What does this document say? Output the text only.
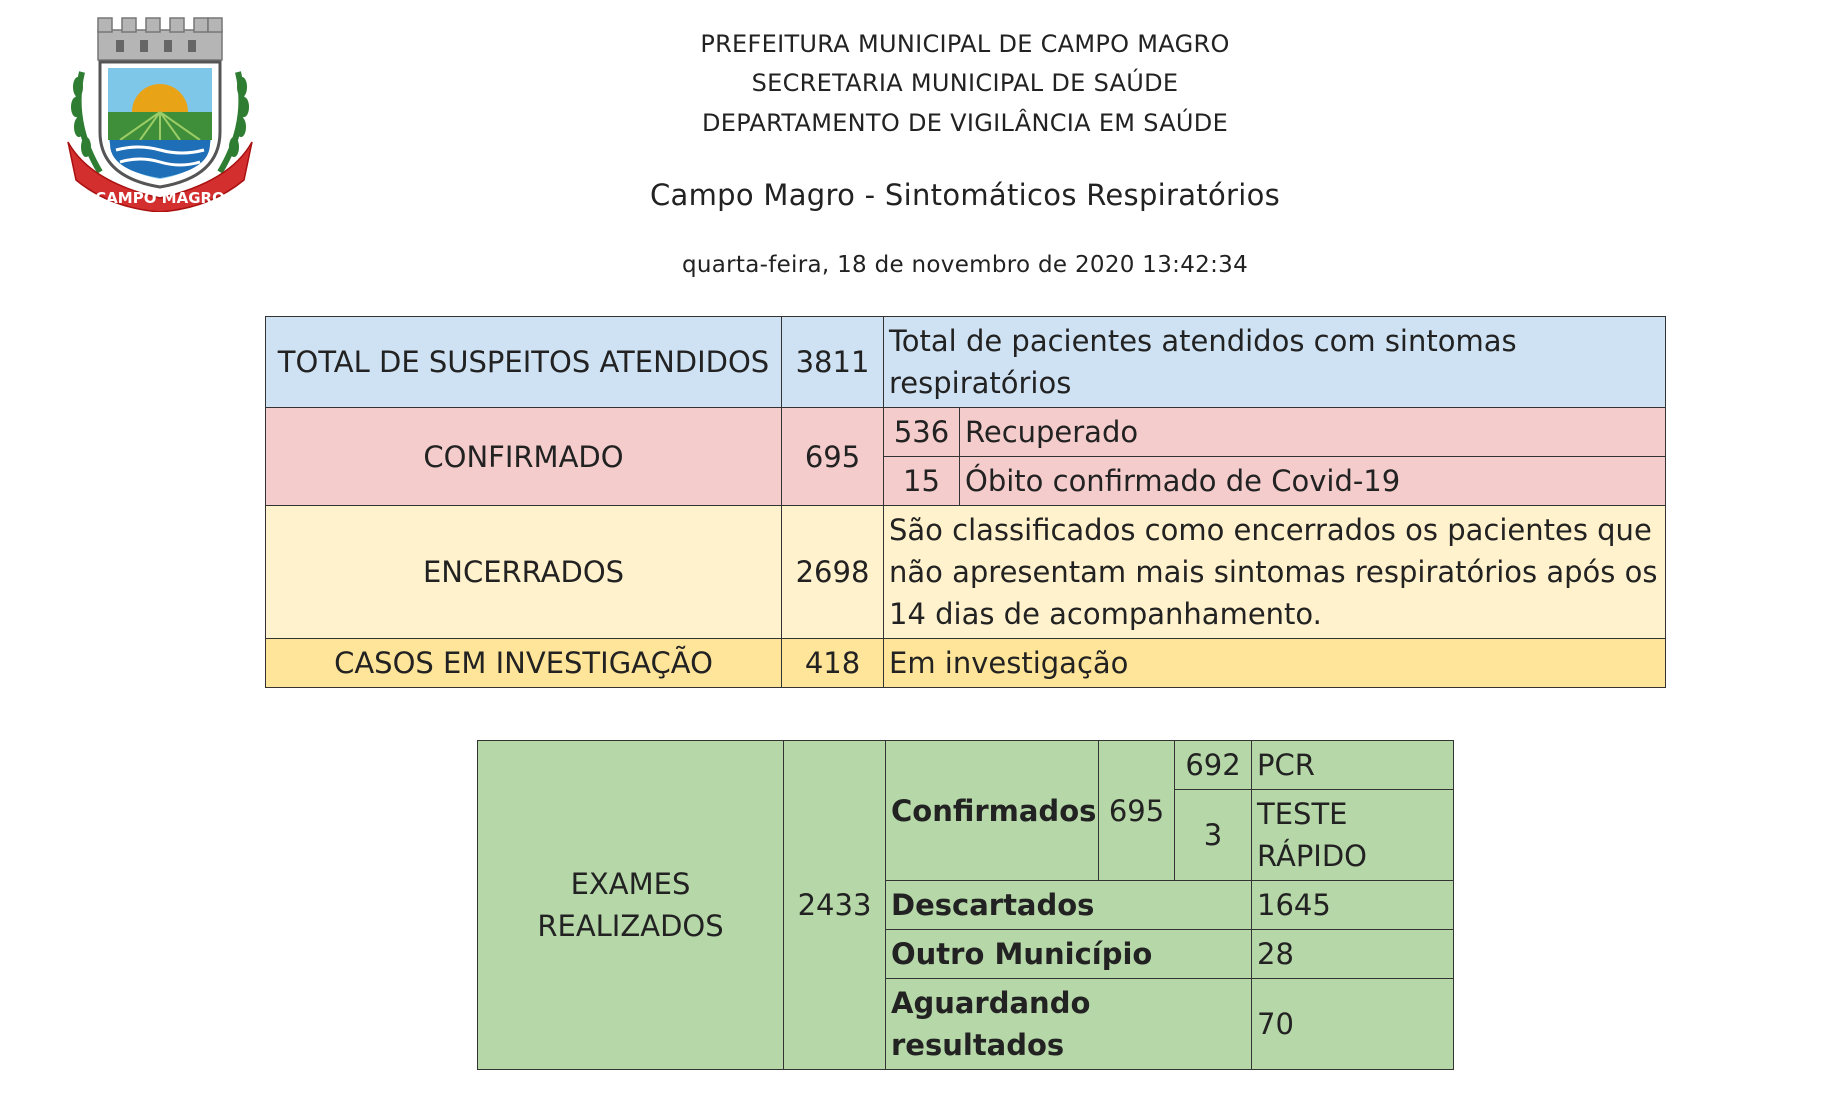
CAMPO MAGRO
PREFEITURA MUNICIPAL DE CAMPO MAGRO
SECRETARIA MUNICIPAL DE SAÚDE
DEPARTAMENTO DE VIGILÂNCIA EM SAÚDE
Campo Magro - Sintomáticos Respiratórios
quarta-feira, 18 de novembro de 2020 13:42:34
TOTAL DE SUSPEITOS ATENDIDOS	3811	Total de pacientes atendidos com sintomas respiratórios	
CONFIRMADO	695	536	Recuperado
		15	Óbito confirmado de Covid-19
ENCERRADOS	2698	São classificados como encerrados os pacientes que não apresentam mais sintomas respiratórios após os 14 dias de acompanhamento.	
CASOS EM INVESTIGAÇÃO	418	Em investigação	
EXAMES REALIZADOS	2433	Confirmados	695	692	PCR
				3	TESTE RÁPIDO
		Descartados			1645
		Outro Município			28
		Aguardando resultados			70
